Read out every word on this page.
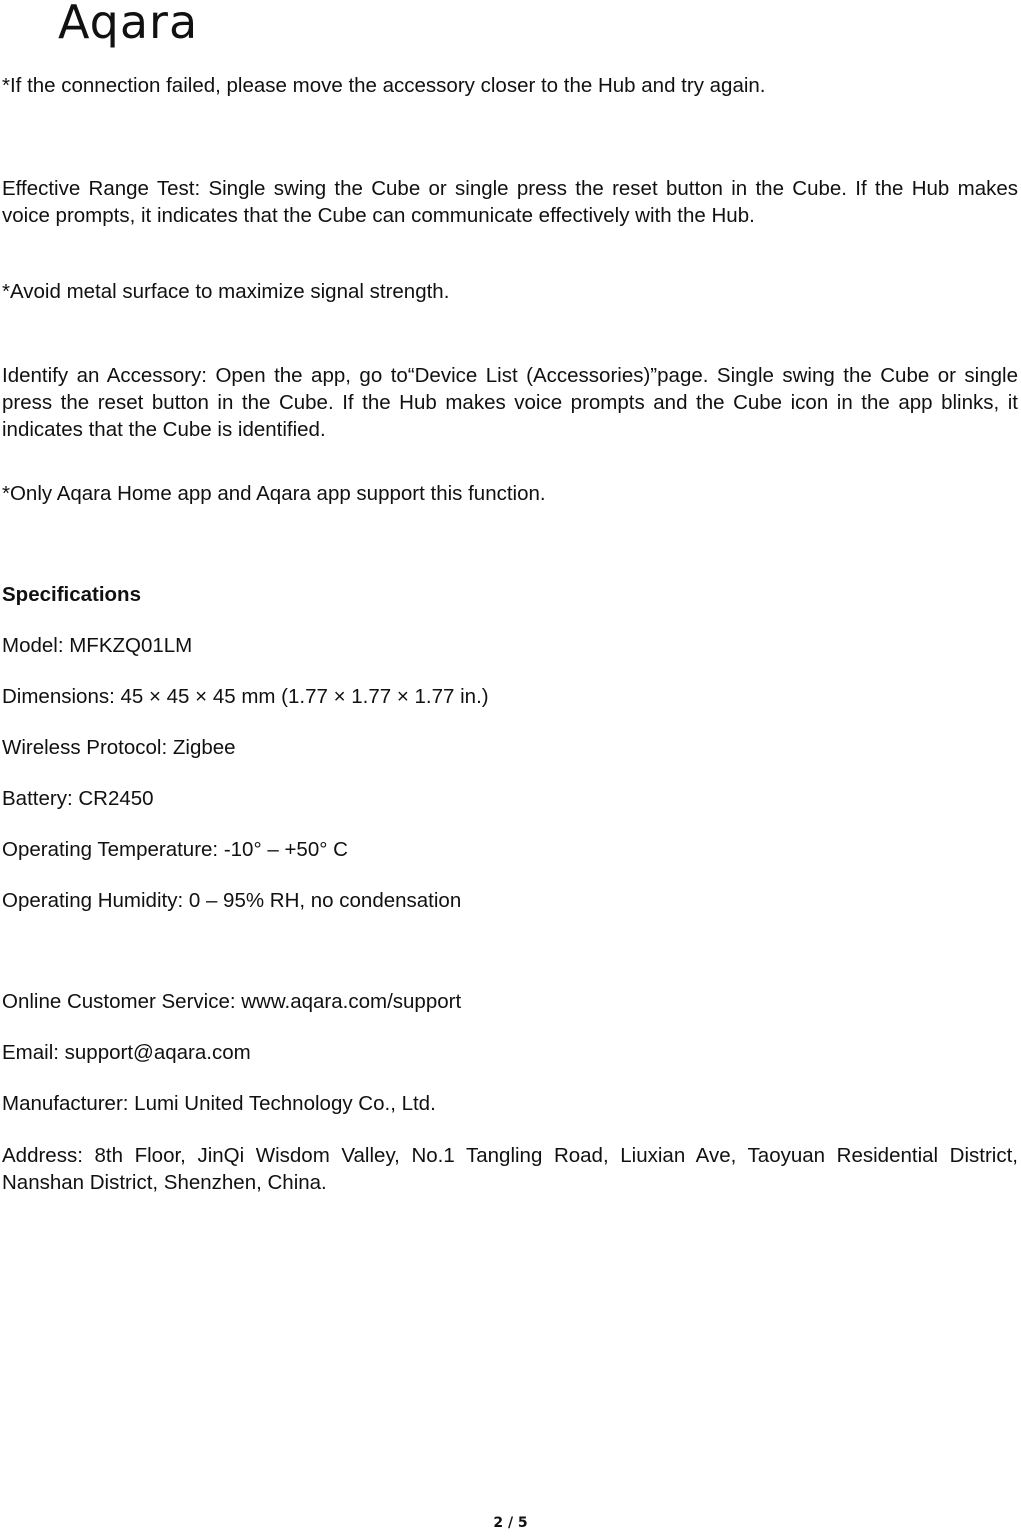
Aqara

*If the connection failed, please move the accessory closer to the Hub and try again.

Effective Range Test: Single swing the Cube or single press the reset button in the Cube. If the Hub makes voice prompts, it indicates that the Cube can communicate effectively with the Hub.

*Avoid metal surface to maximize signal strength.

Identify an Accessory: Open the app, go to“Device List (Accessories)”page. Single swing the Cube or single press the reset button in the Cube. If the Hub makes voice prompts and the Cube icon in the app blinks, it indicates that the Cube is identified.

*Only Aqara Home app and Aqara app support this function.

Specifications

Model: MFKZQ01LM

Dimensions: 45 × 45 × 45 mm (1.77 × 1.77 × 1.77 in.)

Wireless Protocol: Zigbee

Battery: CR2450

Operating Temperature: -10° – +50° C

Operating Humidity: 0 – 95% RH, no condensation

Online Customer Service: www.aqara.com/support

Email: support@aqara.com

Manufacturer: Lumi United Technology Co., Ltd.

Address: 8th Floor, JinQi Wisdom Valley, No.1 Tangling Road, Liuxian Ave, Taoyuan Residential District, Nanshan District, Shenzhen, China.

2 / 5
